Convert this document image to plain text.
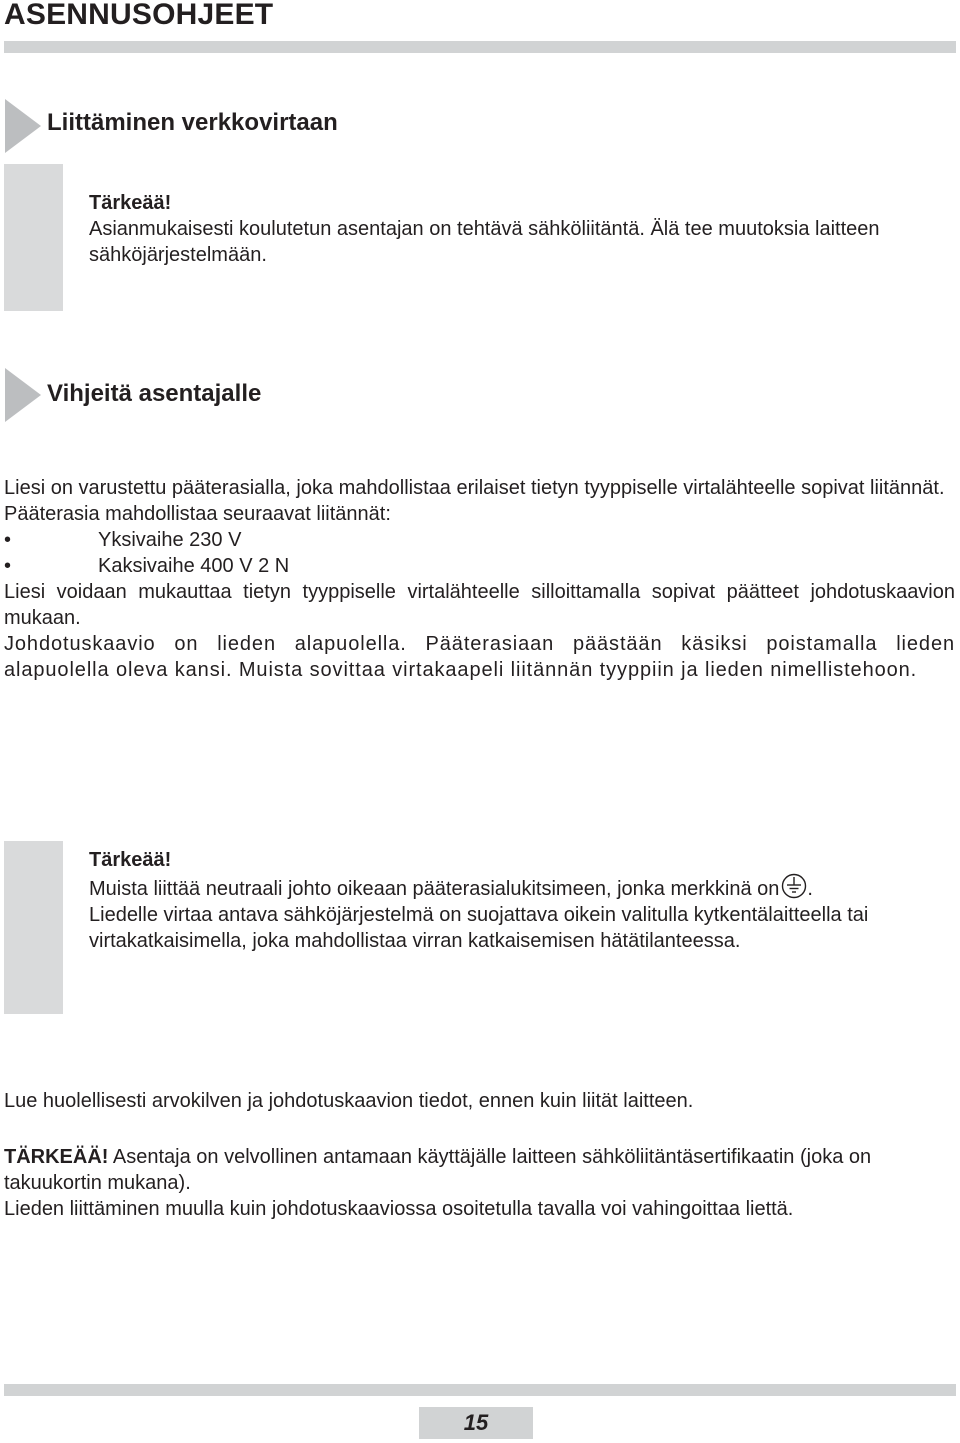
ASENNUSOHJEET
Liittäminen verkkovirtaan

Tärkeää!

Asianmukaisesti koulutetun asentajan on tehtävä sähköliitäntä. Älä tee muutoksia laitteen sähköjärjestelmään.

Vihjeitä asentajalle

Liesi on varustettu pääterasialla, joka mahdollistaa erilaiset tietyn tyyppiselle virtalähteelle sopivat liitännät.

Pääterasia mahdollistaa seuraavat liitännät:

•	Yksivaihe 230 V
•	Kaksivaihe 400 V 2 N

Liesi voidaan mukauttaa tietyn tyyppiselle virtalähteelle silloittamalla sopivat päätteet johdotuskaavion mukaan.

Johdotuskaavio on lieden alapuolella. Pääterasiaan päästään käsiksi poistamalla lieden alapuolella oleva kansi. Muista sovittaa virtakaapeli liitännän tyyppiin ja lieden nimellistehoon.

Tärkeää!

Muista liittää neutraali johto oikeaan pääterasialukitsimeen, jonka merkkinä on .

Liedelle virtaa antava sähköjärjestelmä on suojattava oikein valitulla kytkentälaitteella tai virtakatkaisimella, joka mahdollistaa virran katkaisemisen hätätilanteessa.

Lue huolellisesti arvokilven ja johdotuskaavion tiedot, ennen kuin liität laitteen.

TÄRKEÄÄ! Asentaja on velvollinen antamaan käyttäjälle laitteen sähköliitäntäsertifikaatin (joka on takuukortin mukana).

Lieden liittäminen muulla kuin johdotuskaaviossa osoitetulla tavalla voi vahingoittaa liettä.

15
